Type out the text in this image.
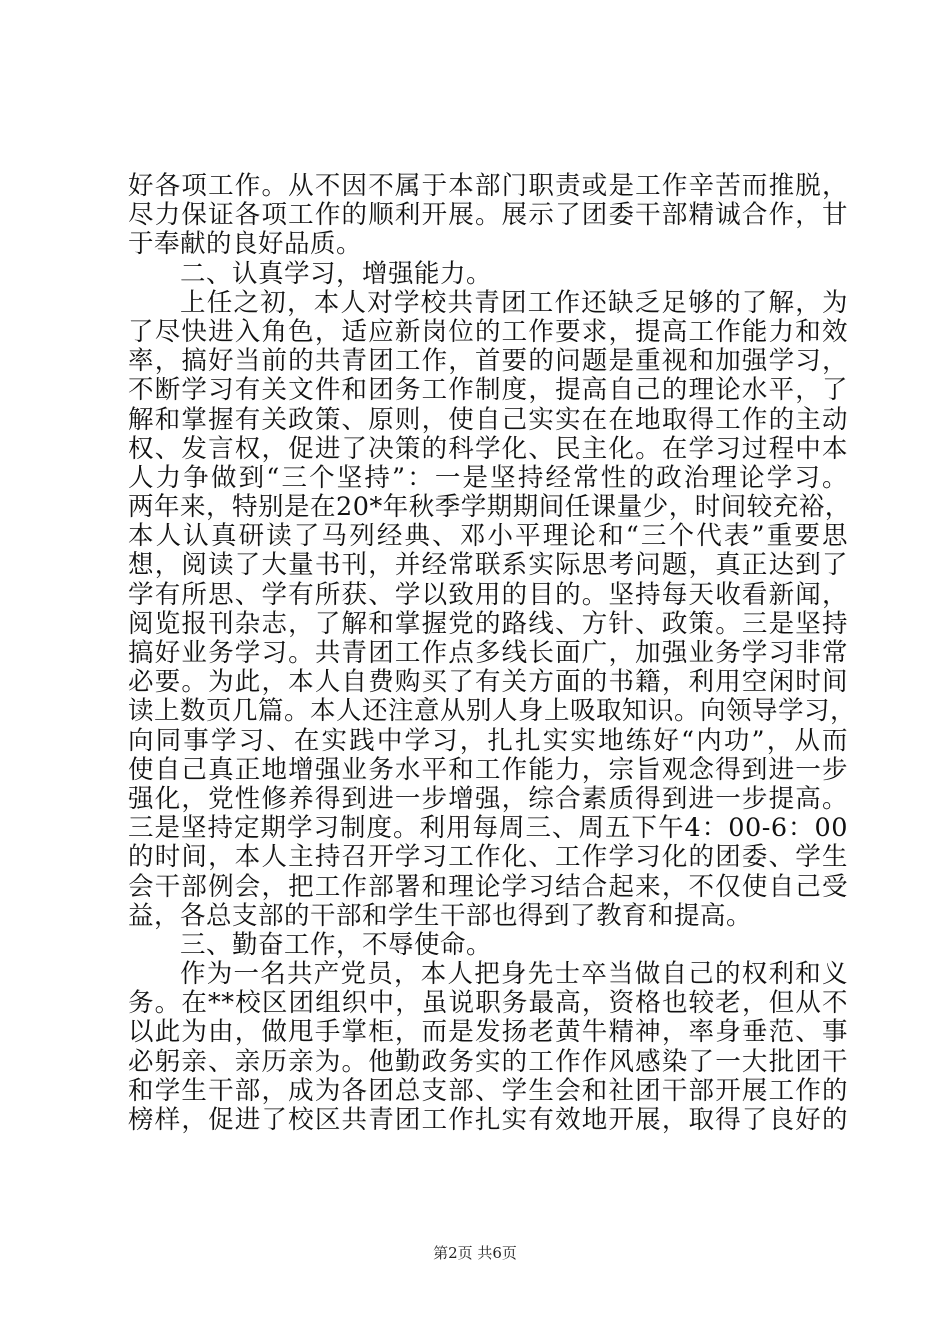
好各项工作。从不因不属于本部门职责或是工作辛苦而推脱，
尽力保证各项工作的顺利开展。展示了团委干部精诚合作，甘
于奉献的良好品质。
二、认真学习，增强能力。
上任之初，本人对学校共青团工作还缺乏足够的了解，为
了尽快进入角色，适应新岗位的工作要求，提高工作能力和效
率，搞好当前的共青团工作，首要的问题是重视和加强学习，
不断学习有关文件和团务工作制度，提高自己的理论水平，了
解和掌握有关政策、原则，使自己实实在在地取得工作的主动
权、发言权，促进了决策的科学化、民主化。在学习过程中本
人力争做到“三个坚持”：一是坚持经常性的政治理论学习。
两年来，特别是在20*年秋季学期期间任课量少，时间较充裕，
本人认真研读了马列经典、邓小平理论和“三个代表”重要思
想，阅读了大量书刊，并经常联系实际思考问题，真正达到了
学有所思、学有所获、学以致用的目的。坚持每天收看新闻，
阅览报刊杂志，了解和掌握党的路线、方针、政策。三是坚持
搞好业务学习。共青团工作点多线长面广，加强业务学习非常
必要。为此，本人自费购买了有关方面的书籍，利用空闲时间
读上数页几篇。本人还注意从别人身上吸取知识。向领导学习，
向同事学习、在实践中学习，扎扎实实地练好“内功”，从而
使自己真正地增强业务水平和工作能力，宗旨观念得到进一步
强化，党性修养得到进一步增强，综合素质得到进一步提高。
三是坚持定期学习制度。利用每周三、周五下午4：00-6：00
的时间，本人主持召开学习工作化、工作学习化的团委、学生
会干部例会，把工作部署和理论学习结合起来，不仅使自己受
益，各总支部的干部和学生干部也得到了教育和提高。
三、勤奋工作，不辱使命。
作为一名共产党员，本人把身先士卒当做自己的权利和义
务。在**校区团组织中，虽说职务最高，资格也较老，但从不
以此为由，做甩手掌柜，而是发扬老黄牛精神，率身垂范、事
必躬亲、亲历亲为。他勤政务实的工作作风感染了一大批团干
和学生干部，成为各团总支部、学生会和社团干部开展工作的
榜样，促进了校区共青团工作扎实有效地开展，取得了良好的
第2页 共6页
